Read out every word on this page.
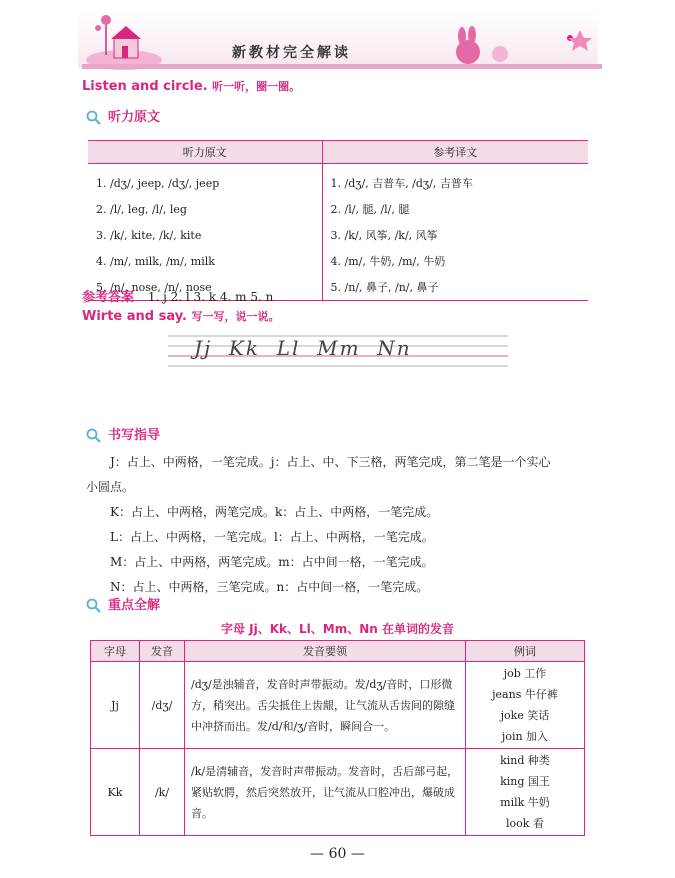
新教材完全解读
Listen and circle. 听一听，圈一圈。
听力原文
听力原文	参考译文
1. /dʒ/, jeep, /dʒ/, jeep	1. /dʒ/, 吉普车, /dʒ/, 吉普车
2. /l/, leg, /l/, leg	2. /l/, 腿, /l/, 腿
3. /k/, kite, /k/, kite	3. /k/, 风筝, /k/, 风筝
4. /m/, milk, /m/, milk	4. /m/, 牛奶, /m/, 牛奶
5. /n/, nose, /n/, nose	5. /n/, 鼻子, /n/, 鼻子
参考答案 1. j 2. l 3. k 4. m 5. n
Wirte and say. 写一写，说一说。
Jj  Kk  Ll  Mm  Nn
书写指导
J：占上、中两格，一笔完成。j：占上、中、下三格，两笔完成，第二笔是一个实心
小圆点。
K：占上、中两格，两笔完成。k：占上、中两格，一笔完成。
L：占上、中两格，一笔完成。l：占上、中两格，一笔完成。
M：占上、中两格，两笔完成。m：占中间一格，一笔完成。
N：占上、中两格，三笔完成。n：占中间一格，一笔完成。
重点全解
字母 Jj、Kk、Ll、Mm、Nn 在单词的发音
字母	发音	发音要领	例词
Jj	/dʒ/	/dʒ/是浊辅音，发音时声带振动。发/dʒ/音时，口形微方，稍突出。舌尖抵住上齿龈，让气流从舌齿间的隙缝中冲挤而出。发/d/和/ʒ/音时，瞬间合一。	job 工作
jeans 牛仔裤
joke 笑话
join 加入

Kk	/k/	/k/是清辅音，发音时声带振动。发音时，舌后部弓起，紧贴软腭，然后突然放开，让气流从口腔冲出，爆破成音。	kind 种类
king 国王
milk 牛奶
look 看
— 60 —
